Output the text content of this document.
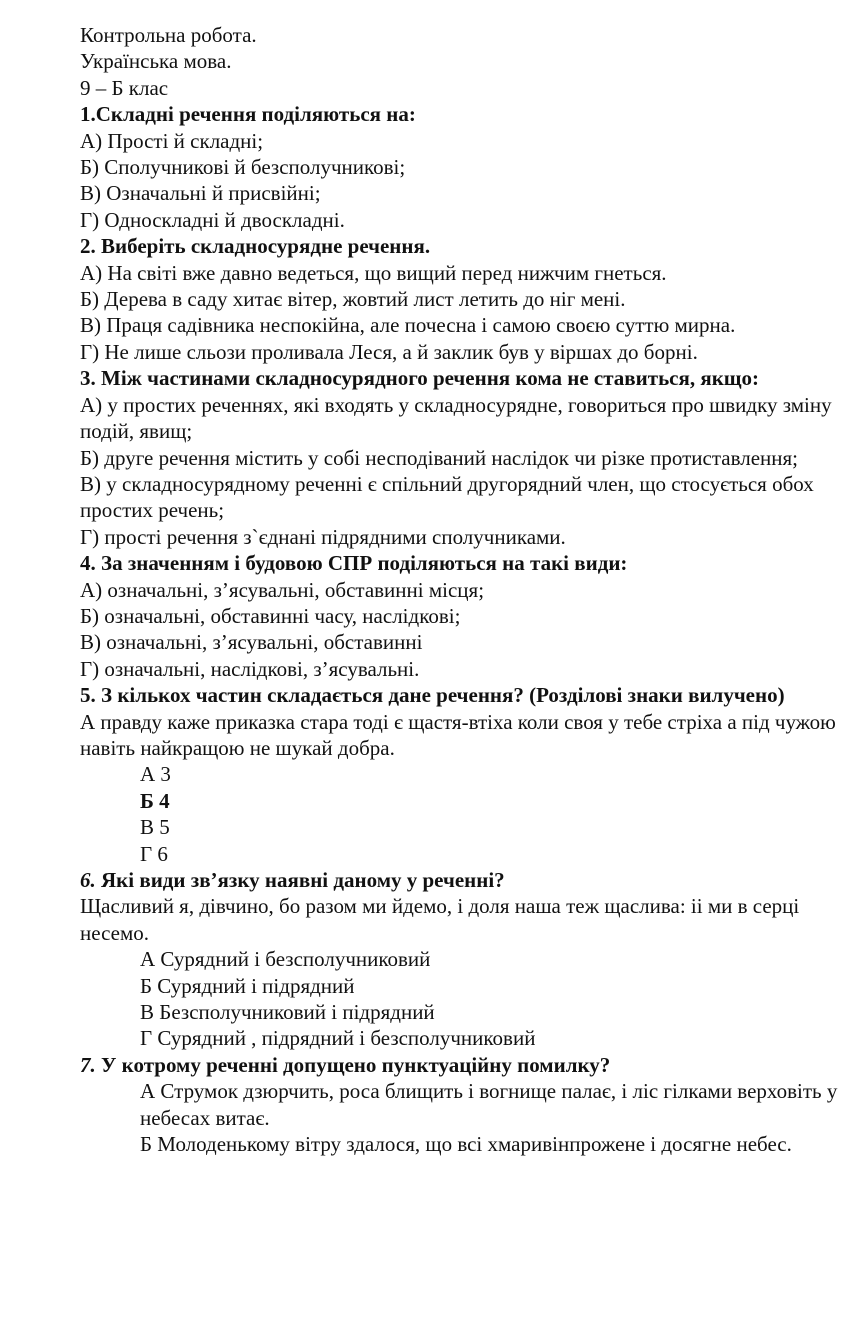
Контрольна робота.

Українська мова.

9 – Б клас

1.Складні речення поділяються на:

А) Прості й складні;

Б) Сполучникові й безсполучникові;

В) Означальні й присвійні;

Г) Односкладні й двоскладні.

2. Виберіть складносурядне речення.

А) На світі вже давно ведеться, що вищий перед нижчим гнеться.

Б) Дерева в саду хитає вітер, жовтий лист летить до ніг мені.

В) Праця садівника неспокійна, але почесна і самою своєю суттю мирна.

Г) Не лише сльози проливала Леся, а й заклик був у віршах до борні.

3. Між частинами складносурядного речення кома не ставиться, якщо:

А) у простих реченнях, які входять у складносурядне, говориться про швидку зміну подій, явищ;

Б) друге речення містить у собі несподіваний наслідок чи різке протиставлення;

В) у складносурядному реченні є спільний другорядний член, що стосується обох простих речень;

Г) прості речення з`єднані підрядними сполучниками.

4. За значенням і будовою СПР поділяються на такі види:

А) означальні, з’ясувальні, обставинні місця;

Б) означальні, обставинні часу, наслідкові;

В) означальні, з’ясувальні, обставинні

Г) означальні, наслідкові, з’ясувальні.

5. З кількох частин складається дане речення? (Розділові знаки вилучено)

А правду каже приказка стара тоді є щастя-втіха коли своя у тебе стріха а під чужою навіть найкращою не шукай добра.

А 3

Б 4

В 5

Г 6

6. Які види зв’язку наявні даному у реченні?

Щасливий я, дівчино, бо разом ми йдемо, і доля наша теж щаслива: іі ми в серці несемо.

А Сурядний і безсполучниковий

Б Сурядний і підрядний

В Безсполучниковий і підрядний

Г Сурядний , підрядний і безсполучниковий

7. У котрому реченні допущено пунктуаційну помилку?

А Струмок дзюрчить, роса блищить і вогнище палає, і ліс гілками верховіть у небесах витає.

Б Молоденькому вітру здалося, що всі хмаривінпрожене і досягне небес.
